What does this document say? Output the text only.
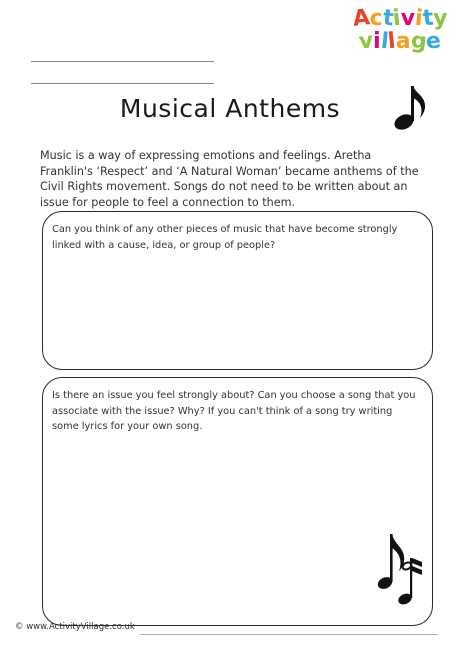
Activity
village
Musical Anthems

Music is a way of expressing emotions and feelings. Aretha Franklin's ‘Respect’ and ‘A Natural Woman’ became anthems of the Civil Rights movement. Songs do not need to be written about an issue for people to feel a connection to them.

Can you think of any other pieces of music that have become strongly linked with a cause, idea, or group of people?

Is there an issue you feel strongly about? Can you choose a song that you associate with the issue? Why? If you can't think of a song try writing some lyrics for your own song.

© www.ActivityVillage.co.uk
